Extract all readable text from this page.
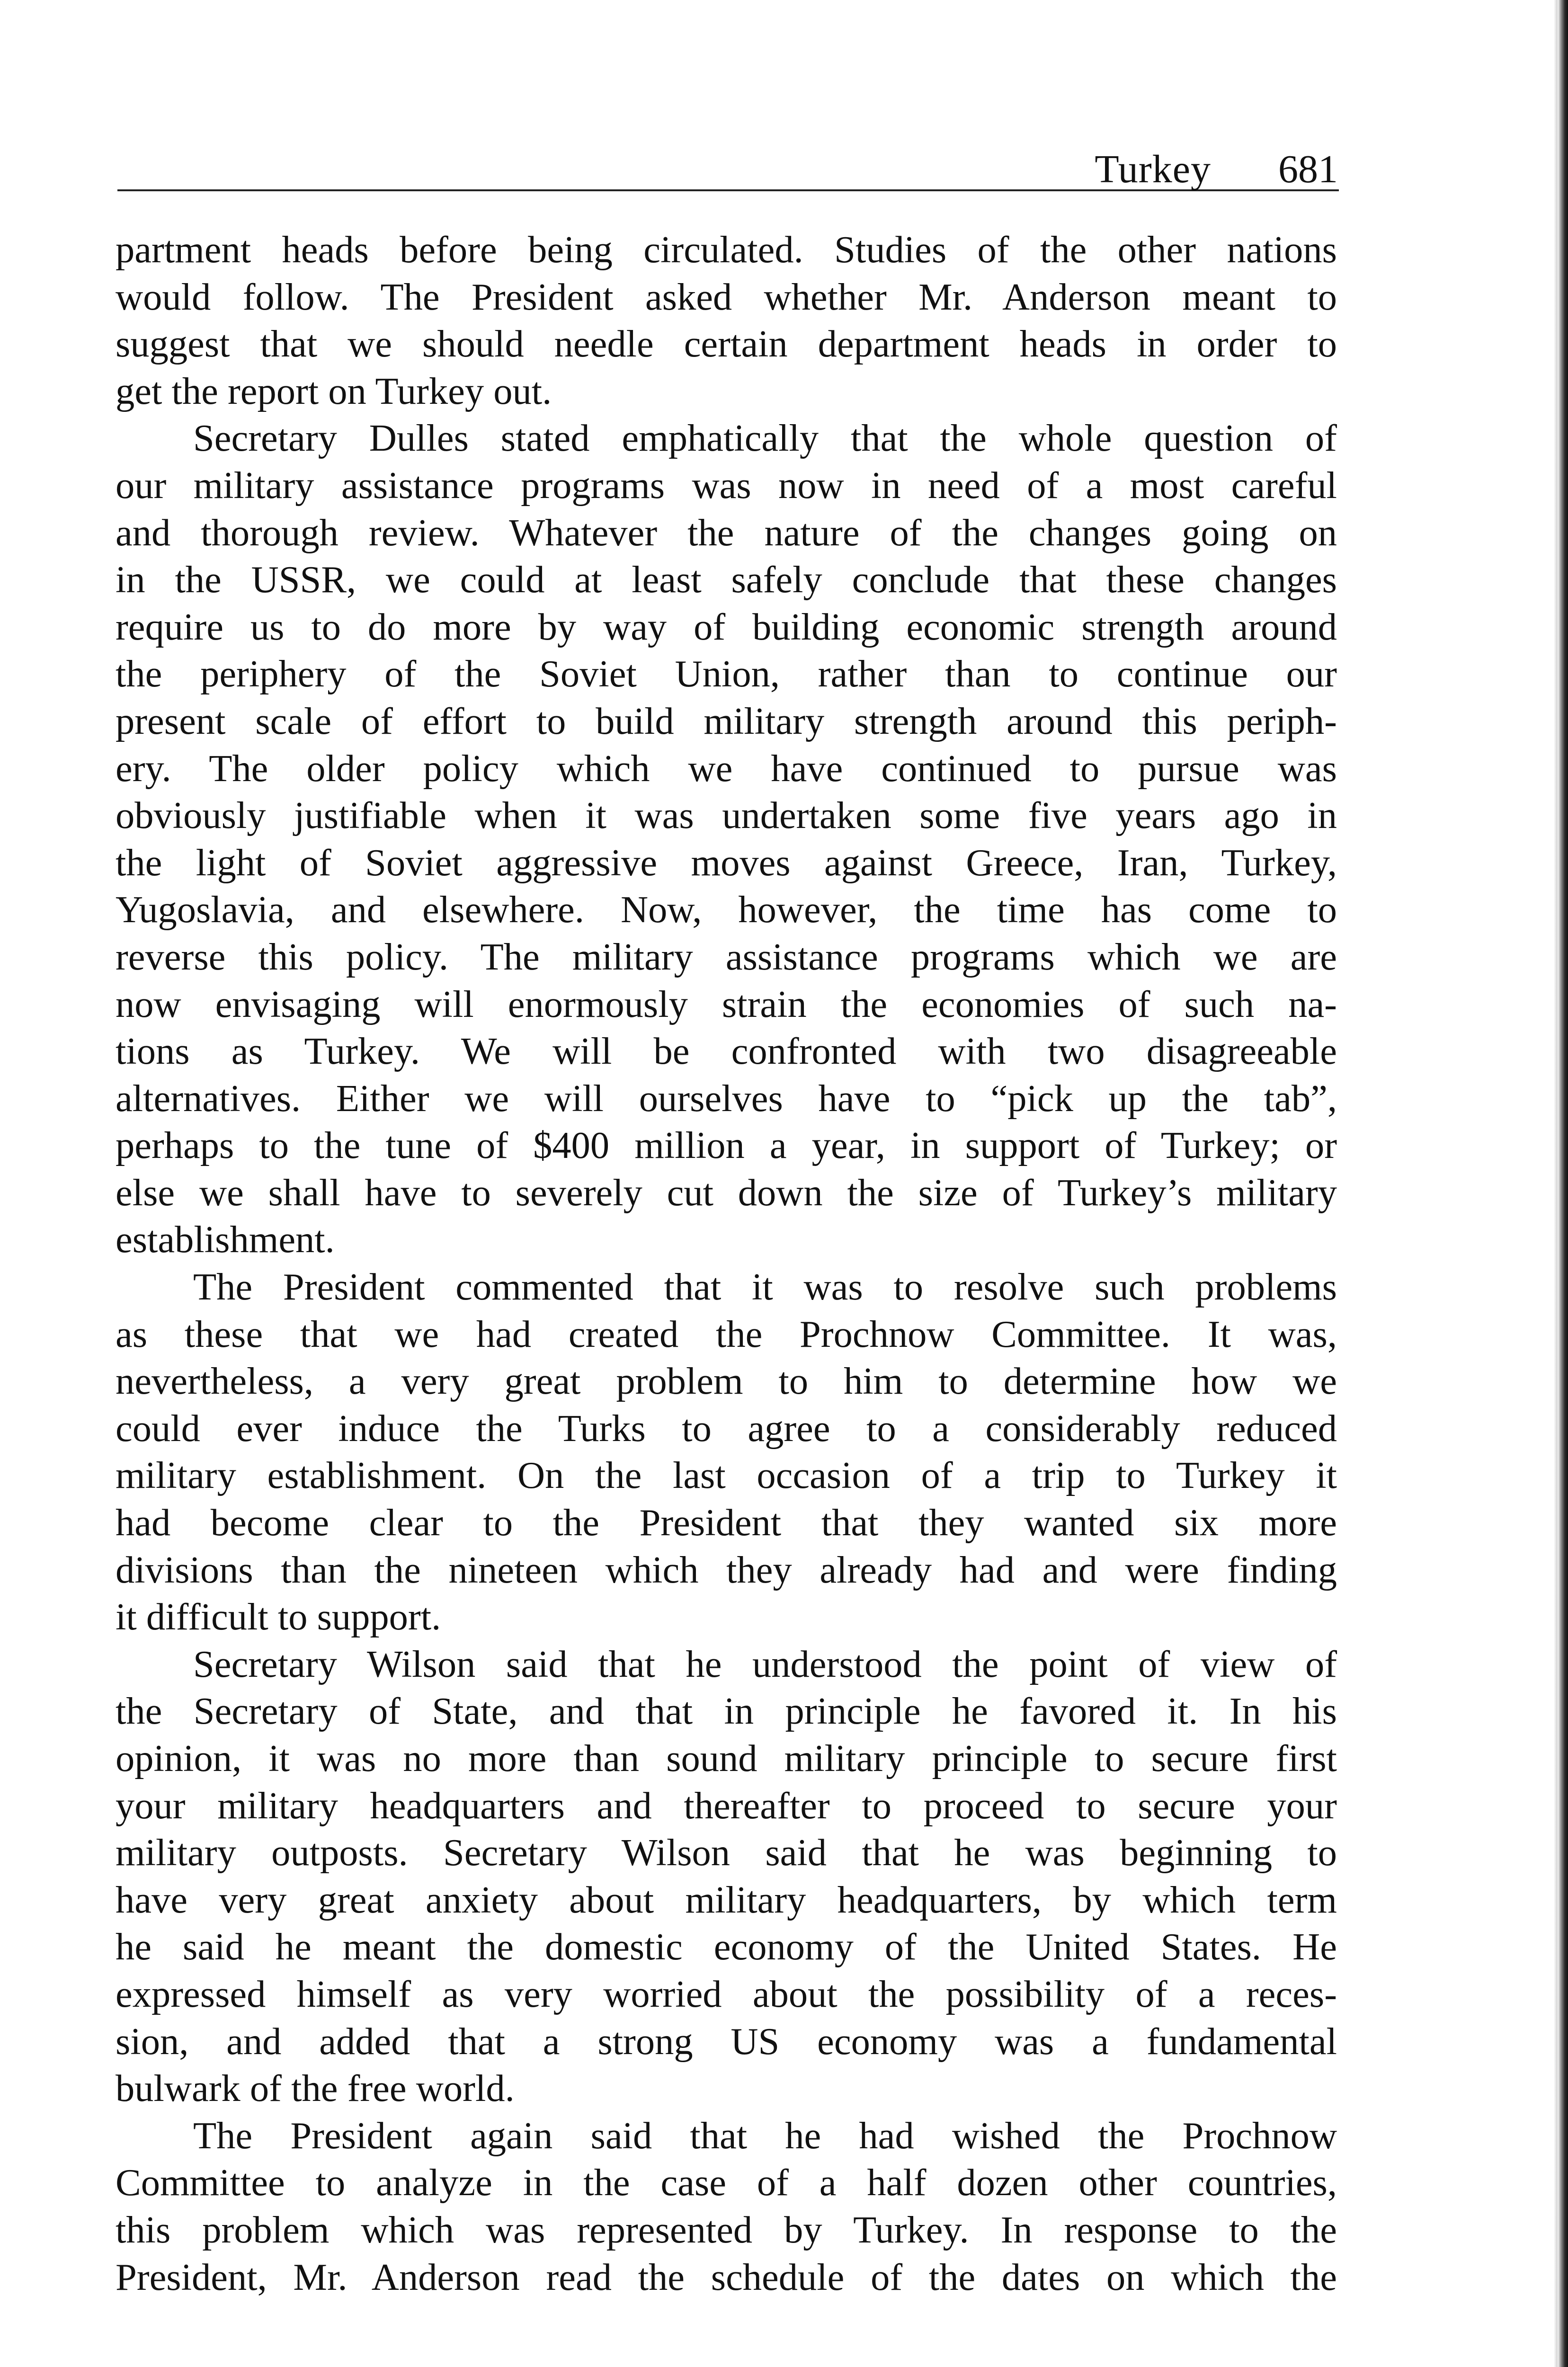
Turkey 681

partment heads before being circulated. Studies of the other nations
would follow. The President asked whether Mr. Anderson meant to
suggest that we should needle certain department heads in order to
get the report on Turkey out.

Secretary Dulles stated emphatically that the whole question of
our military assistance programs was now in need of a most careful
and thorough review. Whatever the nature of the changes going on
in the USSR, we could at least safely conclude that these changes
require us to do more by way of building economic strength around
the periphery of the Soviet Union, rather than to continue our
present scale of effort to build military strength around this periph-
ery. The older policy which we have continued to pursue was
obviously justifiable when it was undertaken some five years ago in
the light of Soviet aggressive moves against Greece, Iran, Turkey,
Yugoslavia, and elsewhere. Now, however, the time has come to
reverse this policy. The military assistance programs which we are
now envisaging will enormously strain the economies of such na-
tions as Turkey. We will be confronted with two disagreeable
alternatives. Either we will ourselves have to “pick up the tab”,
perhaps to the tune of $400 million a year, in support of Turkey; or
else we shall have to severely cut down the size of Turkey’s military
establishment.

The President commented that it was to resolve such problems
as these that we had created the Prochnow Committee. It was,
nevertheless, a very great problem to him to determine how we
could ever induce the Turks to agree to a considerably reduced
military establishment. On the last occasion of a trip to Turkey it
had become clear to the President that they wanted six more
divisions than the nineteen which they already had and were finding
it difficult to support.

Secretary Wilson said that he understood the point of view of
the Secretary of State, and that in principle he favored it. In his
opinion, it was no more than sound military principle to secure first
your military headquarters and thereafter to proceed to secure your
military outposts. Secretary Wilson said that he was beginning to
have very great anxiety about military headquarters, by which term
he said he meant the domestic economy of the United States. He
expressed himself as very worried about the possibility of a reces-
sion, and added that a strong US economy was a fundamental
bulwark of the free world.

The President again said that he had wished the Prochnow
Committee to analyze in the case of a half dozen other countries,
this problem which was represented by Turkey. In response to the
President, Mr. Anderson read the schedule of the dates on which the
